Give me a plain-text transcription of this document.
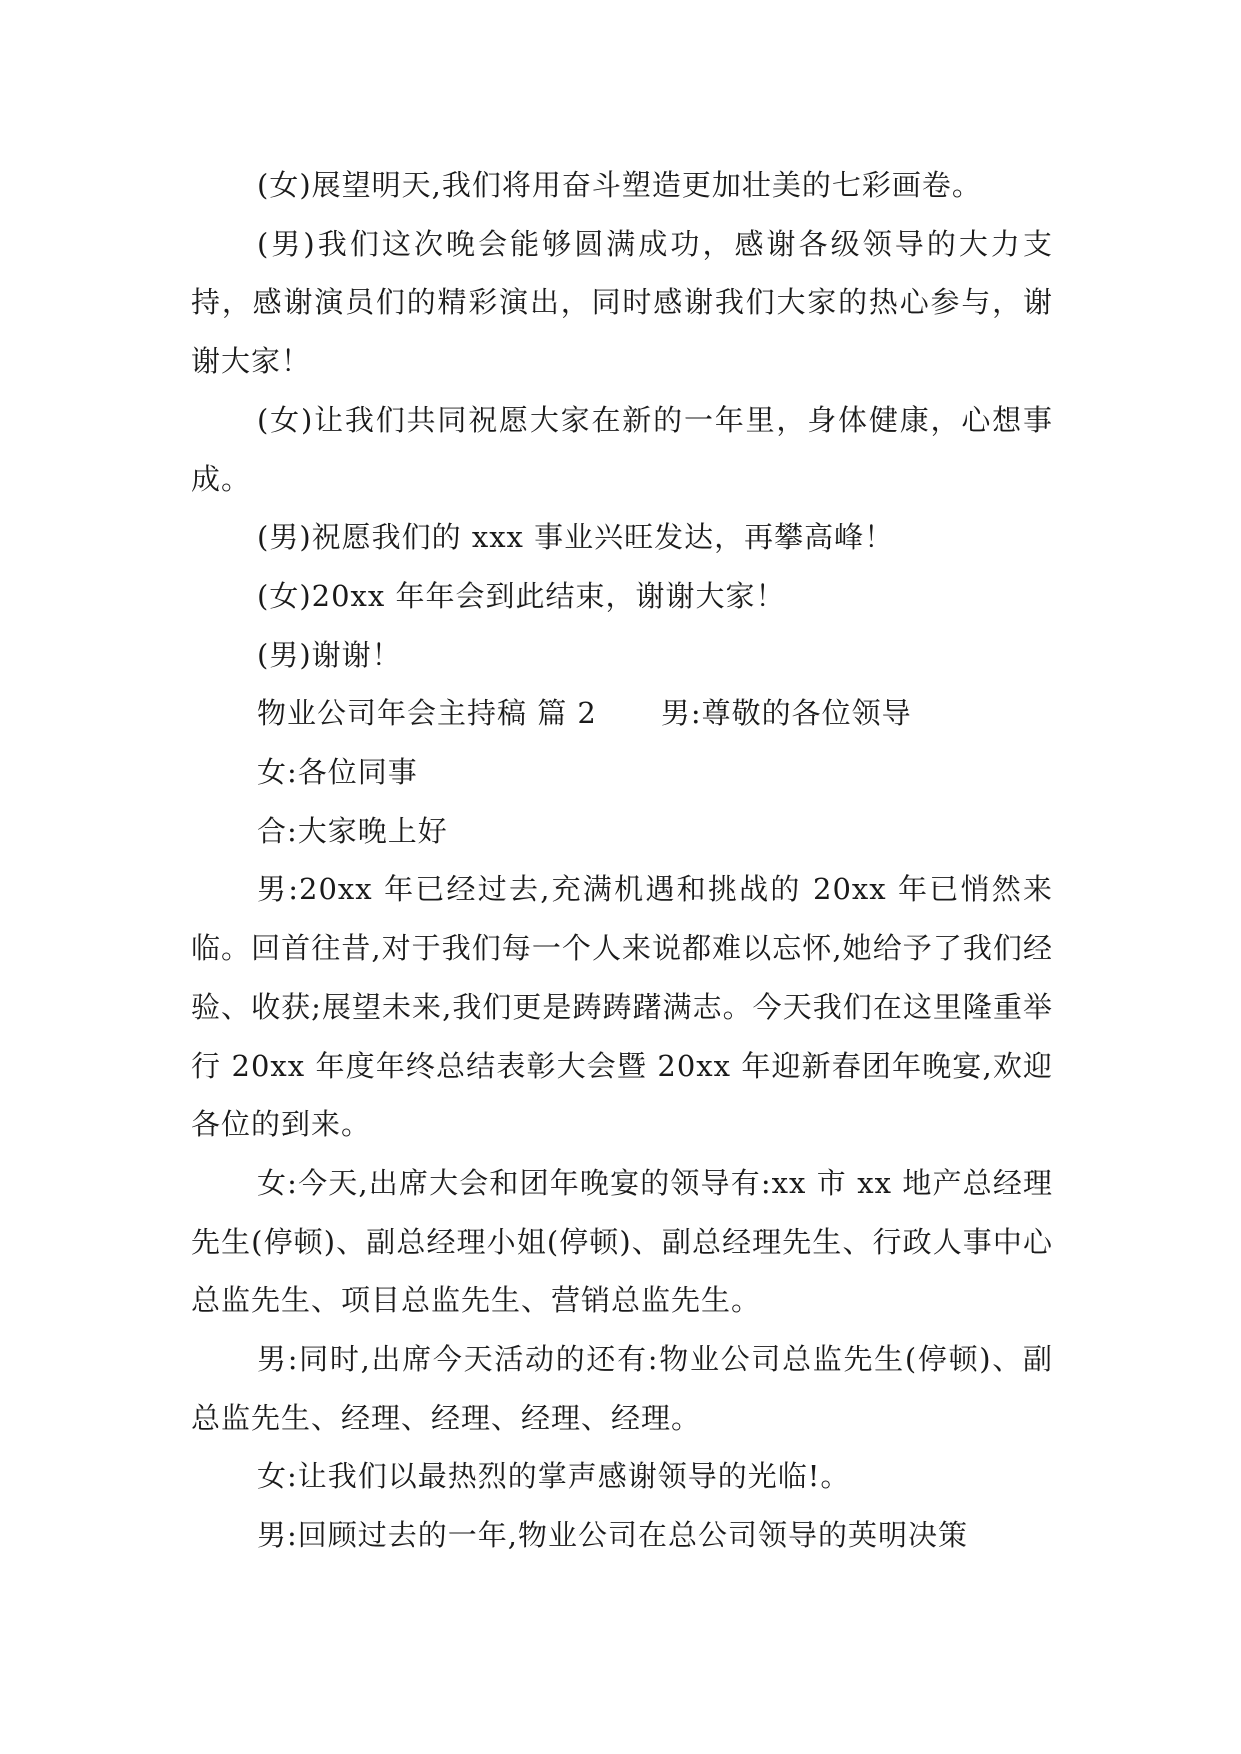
(女)展望明天,我们将用奋斗塑造更加壮美的七彩画卷。

(男)我们这次晚会能够圆满成功，感谢各级领导的大力支持，感谢演员们的精彩演出，同时感谢我们大家的热心参与，谢谢大家！

(女)让我们共同祝愿大家在新的一年里，身体健康，心想事成。

(男)祝愿我们的 xxx 事业兴旺发达，再攀高峰！

(女)20xx 年年会到此结束，谢谢大家！

(男)谢谢！

物业公司年会主持稿 篇 2 男:尊敬的各位领导

女:各位同事

合:大家晚上好

男:20xx 年已经过去,充满机遇和挑战的 20xx 年已悄然来临。回首往昔,对于我们每一个人来说都难以忘怀,她给予了我们经验、收获;展望未来,我们更是踌踌躇满志。今天我们在这里隆重举行 20xx 年度年终总结表彰大会暨 20xx 年迎新春团年晚宴,欢迎各位的到来。

女:今天,出席大会和团年晚宴的领导有:xx 市 xx 地产总经理先生(停顿)、副总经理小姐(停顿)、副总经理先生、行政人事中心总监先生、项目总监先生、营销总监先生。

男:同时,出席今天活动的还有:物业公司总监先生(停顿)、副总监先生、经理、经理、经理、经理。

女:让我们以最热烈的掌声感谢领导的光临!。

男:回顾过去的一年,物业公司在总公司领导的英明决策
